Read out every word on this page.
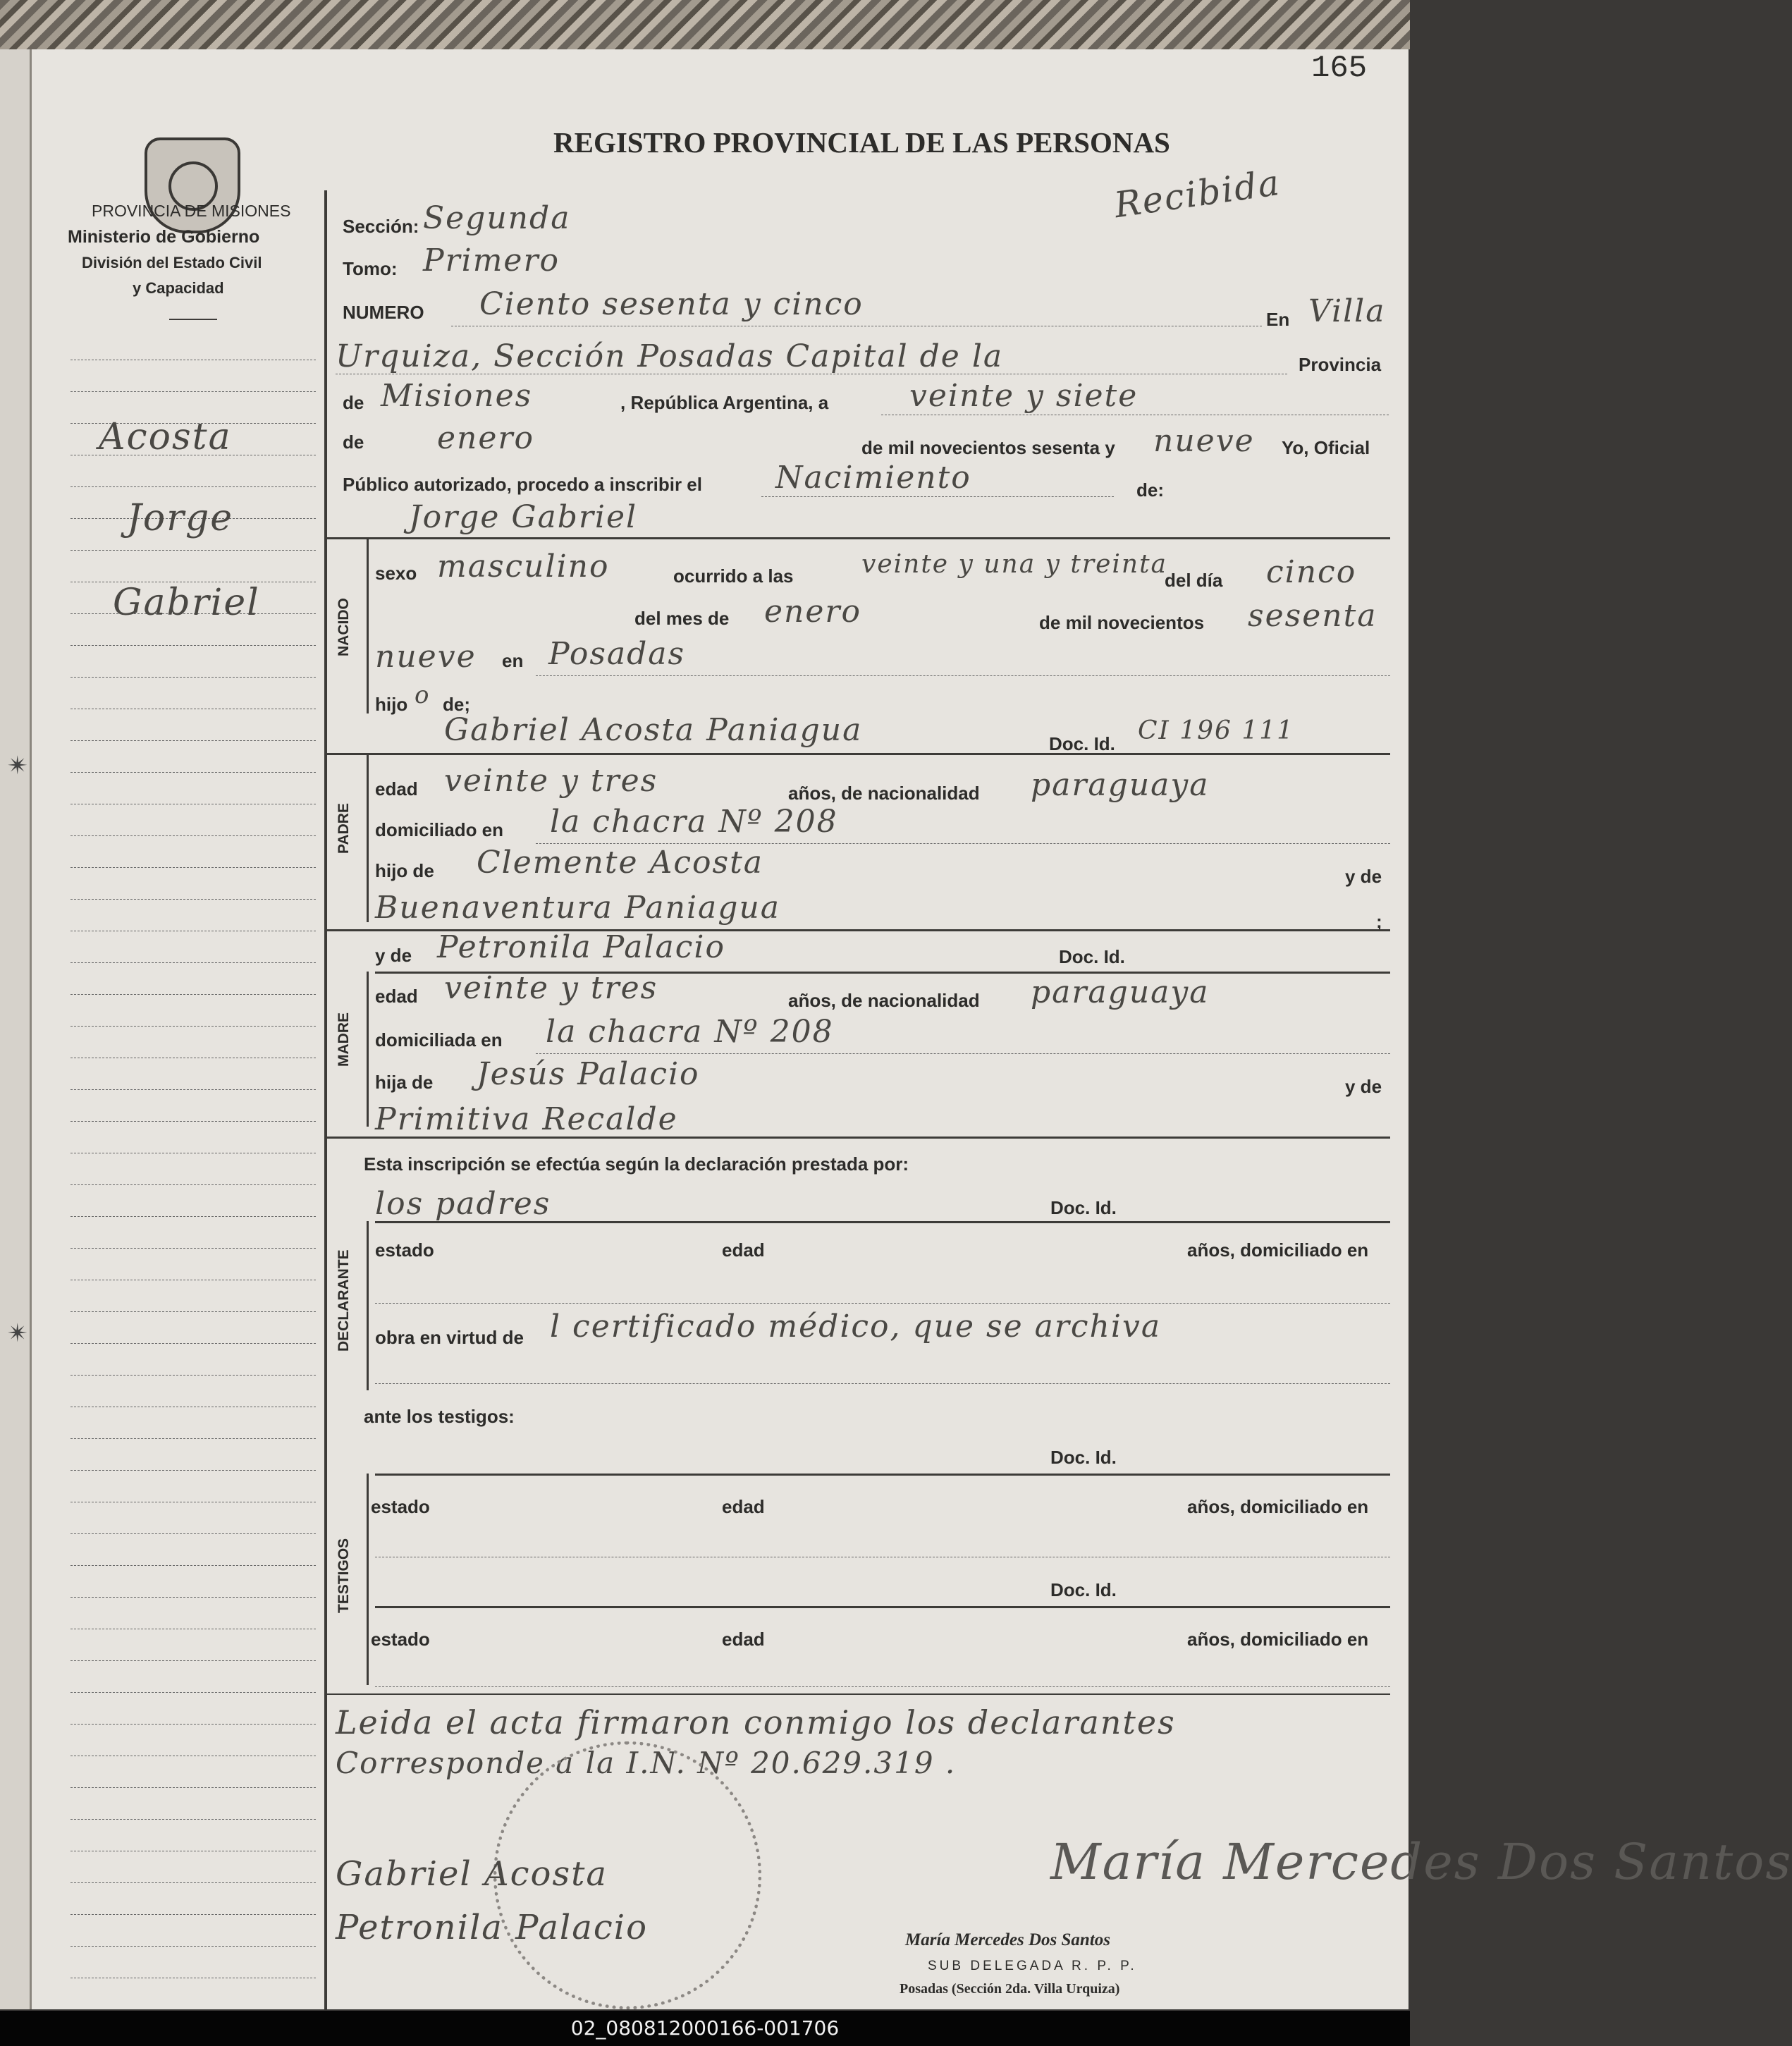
165
PROVINCIA DE MISIONES
Ministerio de Gobierno
División del Estado Civil
y Capacidad
REGISTRO PROVINCIAL DE LAS PERSONAS
Recibida
Acosta
Jorge
Gabriel
✴
✴
Sección: Segunda
Tomo: Primero
NUMERO Ciento sesenta y cinco	En Villa
Urquiza, Sección Posadas Capital de la	Provincia
de Misiones	, República Argentina, a	veinte y siete
de enero	de mil novecientos sesenta y nueve Yo, Oficial
Público autorizado, procedo a inscribir el Nacimiento	de:
Jorge Gabriel
NACIDO
sexo masculino	ocurrido a las	veinte y una y treinta
del día cinco
del mes de enero	de mil novecientos sesenta
nueve en Posadas
hijo o de;
Gabriel Acosta Paniagua	Doc. Id. CI 196 111
PADRE
edad veinte y tres	años, de nacionalidad paraguaya
domiciliado en la chacra Nº 208
hijo de Clemente Acosta	y de
Buenaventura Paniagua	;
y de Petronila Palacio	Doc. Id.
MADRE
edad veinte y tres	años, de nacionalidad paraguaya
domiciliada en la chacra Nº 208
hija de Jesús Palacio	y de
Primitiva Recalde
Esta inscripción se efectúa según la declaración prestada por:
los padres	Doc. Id.
DECLARANTE	estado	edad	años, domiciliado en
obra en virtud de l certificado médico, que se archiva
ante los testigos:
Doc. Id.
TESTIGOS
estado	edad	años, domiciliado en
Doc. Id.
estado	edad	años, domiciliado en
Leida el acta firmaron conmigo los declarantes
Corresponde a la I.N. Nº 20.629.319 .
Gabriel Acosta
Petronila Palacio
María Mercedes Dos Santos
María Mercedes Dos Santos
SUB DELEGADA R. P. P.
Posadas (Sección 2da. Villa Urquiza)
02_080812000166-001706
